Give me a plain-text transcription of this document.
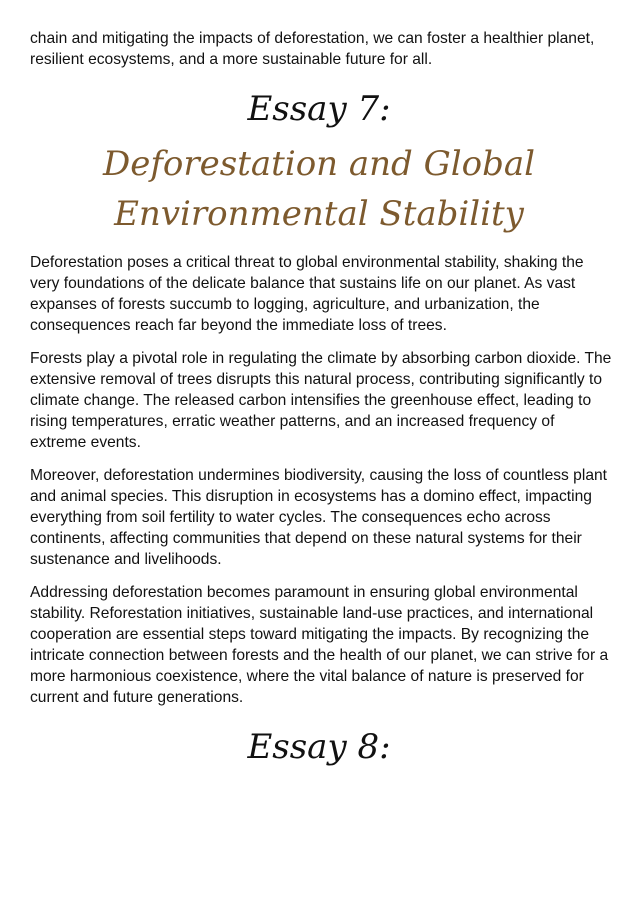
chain and mitigating the impacts of deforestation, we can foster a healthier planet, resilient ecosystems, and a more sustainable future for all.

Essay 7:
Deforestation and Global Environmental Stability

Deforestation poses a critical threat to global environmental stability, shaking the very foundations of the delicate balance that sustains life on our planet. As vast expanses of forests succumb to logging, agriculture, and urbanization, the consequences reach far beyond the immediate loss of trees.

Forests play a pivotal role in regulating the climate by absorbing carbon dioxide. The extensive removal of trees disrupts this natural process, contributing significantly to climate change. The released carbon intensifies the greenhouse effect, leading to rising temperatures, erratic weather patterns, and an increased frequency of extreme events.

Moreover, deforestation undermines biodiversity, causing the loss of countless plant and animal species. This disruption in ecosystems has a domino effect, impacting everything from soil fertility to water cycles. The consequences echo across continents, affecting communities that depend on these natural systems for their sustenance and livelihoods.

Addressing deforestation becomes paramount in ensuring global environmental stability. Reforestation initiatives, sustainable land-use practices, and international cooperation are essential steps toward mitigating the impacts. By recognizing the intricate connection between forests and the health of our planet, we can strive for a more harmonious coexistence, where the vital balance of nature is preserved for current and future generations.

Essay 8:
